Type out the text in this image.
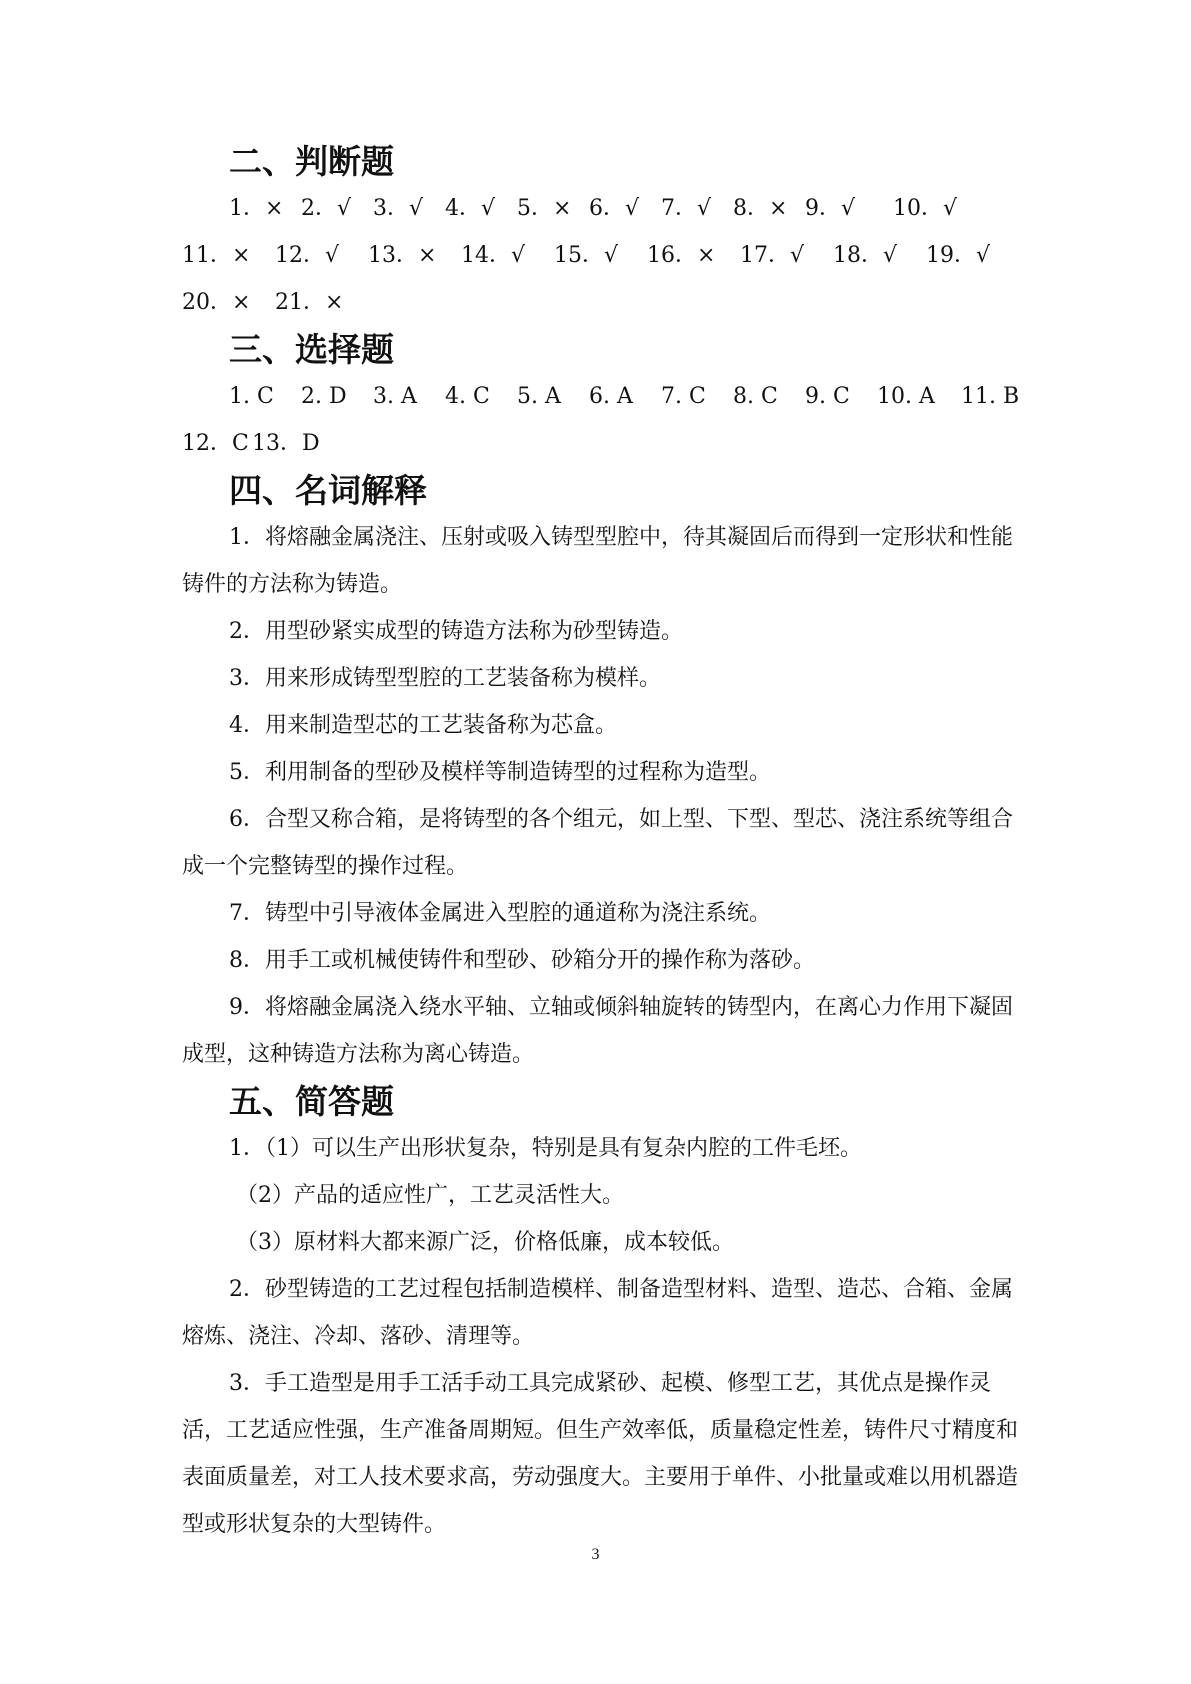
二、判断题
1．× 2．√ 3．√ 4．√ 5．× 6．√ 7．√ 8．× 9．√ 10．√
11．× 12．√ 13．× 14．√ 15．√ 16．× 17．√ 18．√ 19．√
20．× 21．×
三、选择题
1. C 2. D 3. A 4. C 5. A 6. A 7. C 8. C 9. C 10. A 11. B
12．C 13．D
四、名词解释

1．将熔融金属浇注、压射或吸入铸型型腔中，待其凝固后而得到一定形状和性能铸件的方法称为铸造。

2．用型砂紧实成型的铸造方法称为砂型铸造。

3．用来形成铸型型腔的工艺装备称为模样。

4．用来制造型芯的工艺装备称为芯盒。

5．利用制备的型砂及模样等制造铸型的过程称为造型。

6．合型又称合箱，是将铸型的各个组元，如上型、下型、型芯、浇注系统等组合成一个完整铸型的操作过程。

7．铸型中引导液体金属进入型腔的通道称为浇注系统。

8．用手工或机械使铸件和型砂、砂箱分开的操作称为落砂。

9．将熔融金属浇入绕水平轴、立轴或倾斜轴旋转的铸型内，在离心力作用下凝固成型，这种铸造方法称为离心铸造。

五、简答题

1．（1）可以生产出形状复杂，特别是具有复杂内腔的工件毛坯。

（2）产品的适应性广，工艺灵活性大。

（3）原材料大都来源广泛，价格低廉，成本较低。

2．砂型铸造的工艺过程包括制造模样、制备造型材料、造型、造芯、合箱、金属熔炼、浇注、冷却、落砂、清理等。

3．手工造型是用手工活手动工具完成紧砂、起模、修型工艺，其优点是操作灵活，工艺适应性强，生产准备周期短。但生产效率低，质量稳定性差，铸件尺寸精度和表面质量差，对工人技术要求高，劳动强度大。主要用于单件、小批量或难以用机器造型或形状复杂的大型铸件。

3
